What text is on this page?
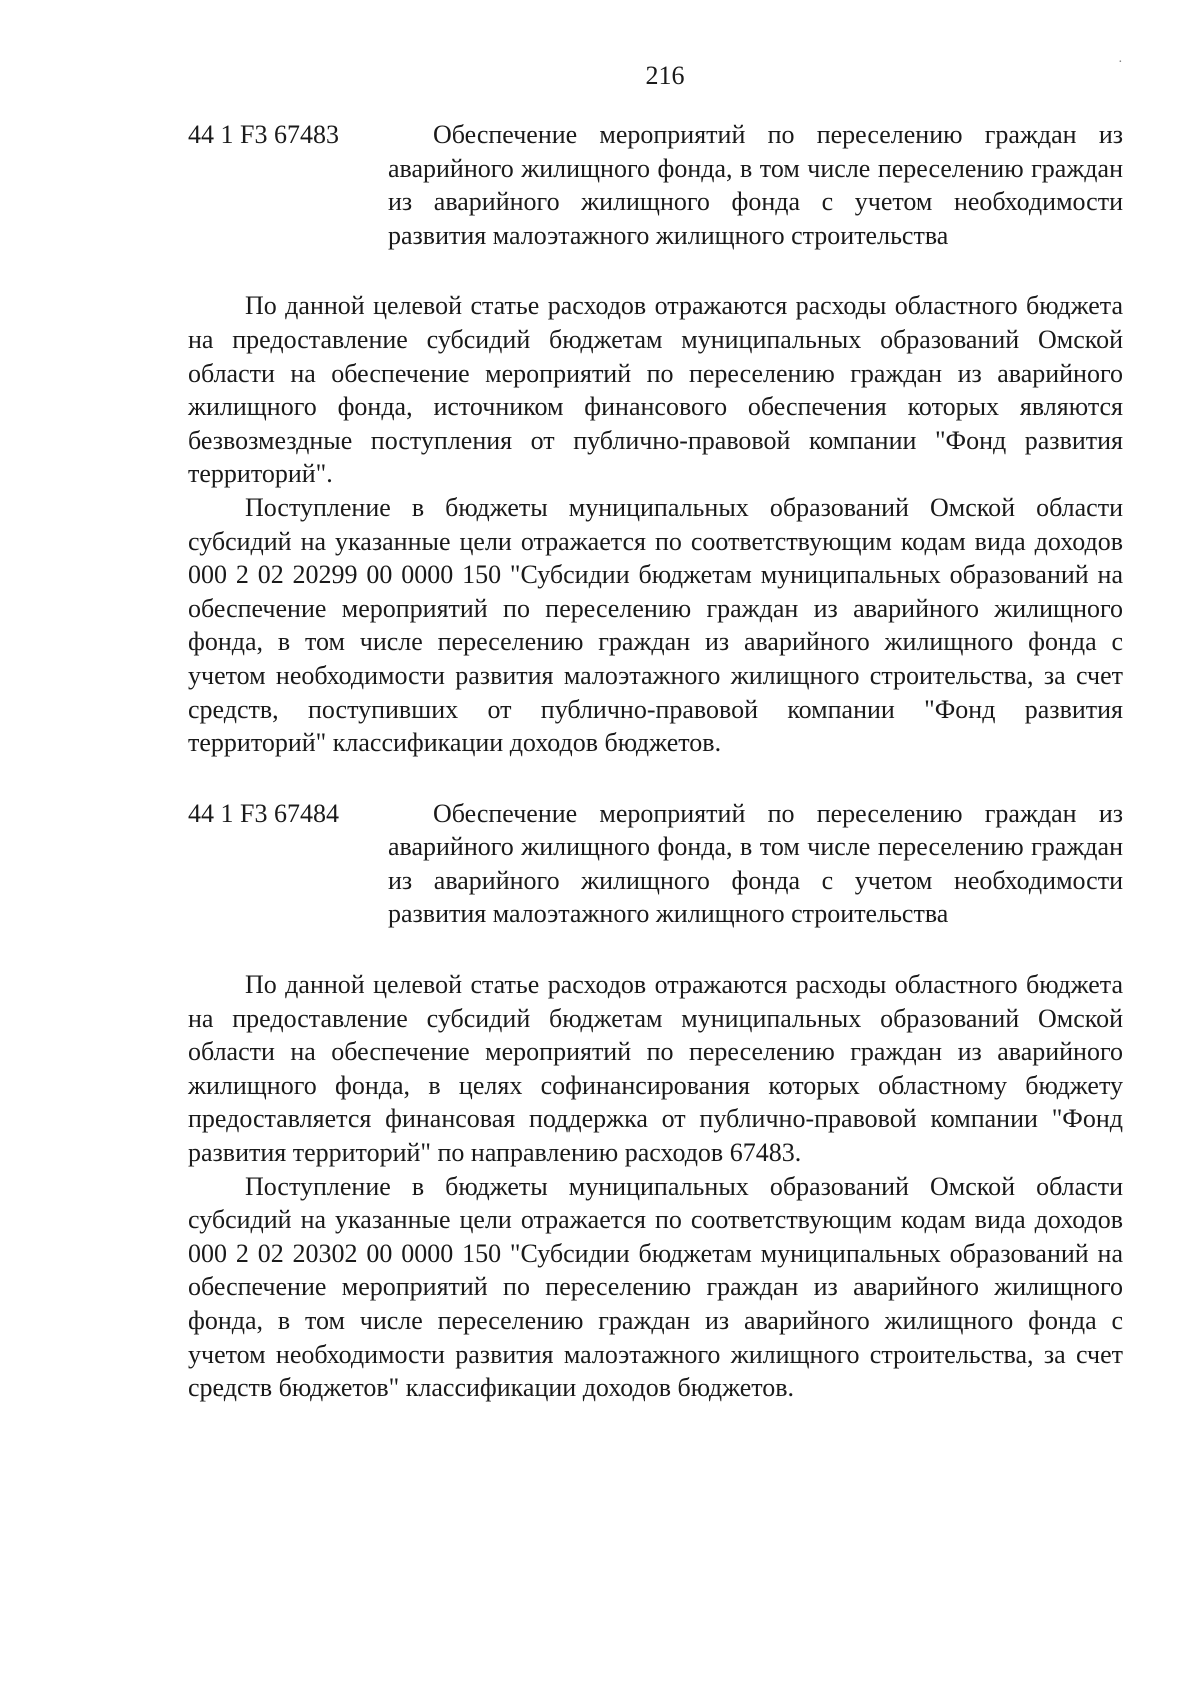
216	·
44 1 F3 67483	Обеспечение мероприятий по переселению граждан из аварийного жилищного фонда, в том числе переселению граждан из аварийного жилищного фонда с учетом необходимости развития малоэтажного жилищного строительства

По данной целевой статье расходов отражаются расходы областного бюджета на предоставление субсидий бюджетам муниципальных образований Омской области на обеспечение мероприятий по переселению граждан из аварийного жилищного фонда, источником финансового обеспечения которых являются безвозмездные поступления от публично-правовой компании "Фонд развития территорий".

Поступление в бюджеты муниципальных образований Омской области субсидий на указанные цели отражается по соответствующим кодам вида доходов 000 2 02 20299 00 0000 150 "Субсидии бюджетам муниципальных образований на обеспечение мероприятий по переселению граждан из аварийного жилищного фонда, в том числе переселению граждан из аварийного жилищного фонда с учетом необходимости развития малоэтажного жилищного строительства, за счет средств, поступивших от публично-правовой компании "Фонд развития территорий" классификации доходов бюджетов.

44 1 F3 67484	Обеспечение мероприятий по переселению граждан из аварийного жилищного фонда, в том числе переселению граждан из аварийного жилищного фонда с учетом необходимости развития малоэтажного жилищного строительства

По данной целевой статье расходов отражаются расходы областного бюджета на предоставление субсидий бюджетам муниципальных образований Омской области на обеспечение мероприятий по переселению граждан из аварийного жилищного фонда, в целях софинансирования которых областному бюджету предоставляется финансовая поддержка от публично-правовой компании "Фонд развития территорий" по направлению расходов 67483.

Поступление в бюджеты муниципальных образований Омской области субсидий на указанные цели отражается по соответствующим кодам вида доходов 000 2 02 20302 00 0000 150 "Субсидии бюджетам муниципальных образований на обеспечение мероприятий по переселению граждан из аварийного жилищного фонда, в том числе переселению граждан из аварийного жилищного фонда с учетом необходимости развития малоэтажного жилищного строительства, за счет средств бюджетов" классификации доходов бюджетов.
